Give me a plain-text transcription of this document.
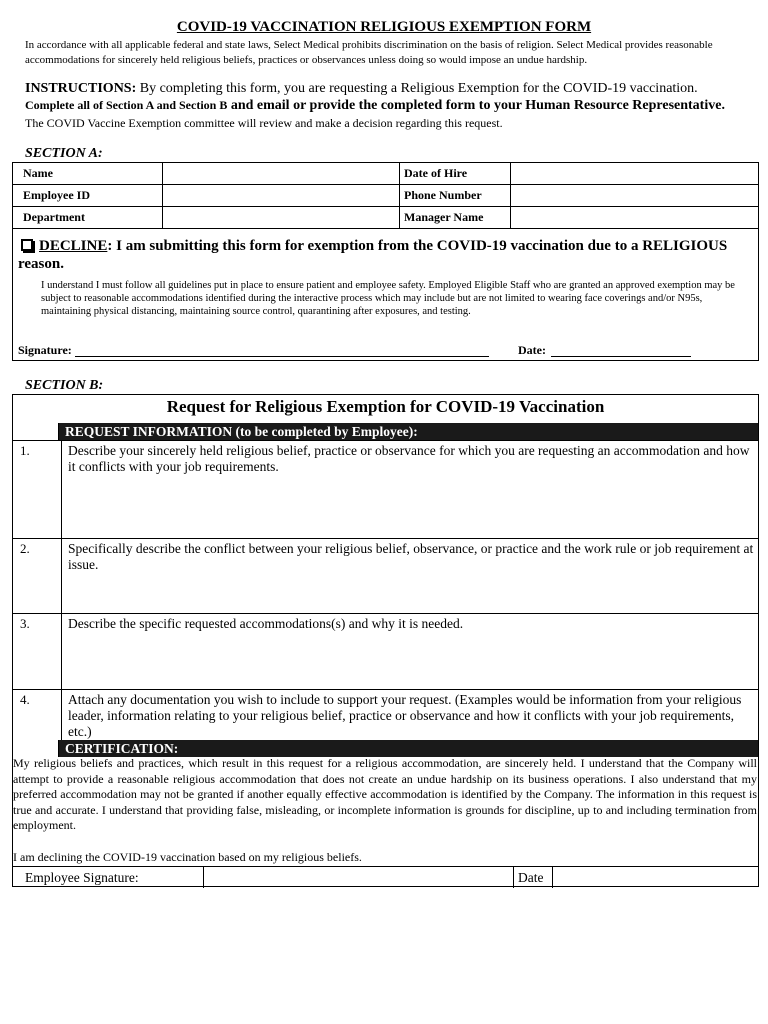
COVID-19 VACCINATION RELIGIOUS EXEMPTION FORM
In accordance with all applicable federal and state laws, Select Medical prohibits discrimination on the basis of religion. Select Medical provides reasonable accommodations for sincerely held religious beliefs, practices or observances unless doing so would impose an undue hardship.
INSTRUCTIONS: By completing this form, you are requesting a Religious Exemption for the COVID-19 vaccination.
Complete all of Section A and Section B and email or provide the completed form to your Human Resource Representative.
The COVID Vaccine Exemption committee will review and make a decision regarding this request.
SECTION A:
Name		Date of Hire	
Employee ID		Phone Number	
Department		Manager Name	
DECLINE: I am submitting this form for exemption from the COVID-19 vaccination due to a RELIGIOUS reason.
I understand I must follow all guidelines put in place to ensure patient and employee safety. Employed Eligible Staff who are granted an approved exemption may be subject to reasonable accommodations identified during the interactive process which may include but are not limited to wearing face coverings and/or N95s, maintaining physical distancing, maintaining source control, quarantining after exposures, and testing.
Signature:	Date:
SECTION B:
Request for Religious Exemption for COVID-19 Vaccination
REQUEST INFORMATION (to be completed by Employee):
1.	Describe your sincerely held religious belief, practice or observance for which you are requesting an accommodation and how it conflicts with your job requirements.
2.	Specifically describe the conflict between your religious belief, observance, or practice and the work rule or job requirement at issue.
3.	Describe the specific requested accommodations(s) and why it is needed.
4.	Attach any documentation you wish to include to support your request. (Examples would be information from your religious leader, information relating to your religious belief, practice or observance and how it conflicts with your job requirements, etc.)
CERTIFICATION:
My religious beliefs and practices, which result in this request for a religious accommodation, are sincerely held. I understand that the Company will attempt to provide a reasonable religious accommodation that does not create an undue hardship on its business operations. I also understand that my preferred accommodation may not be granted if another equally effective accommodation is identified by the Company. The information in this request is true and accurate. I understand that providing false, misleading, or incomplete information is grounds for discipline, up to and including termination from employment.
I am declining the COVID-19 vaccination based on my religious beliefs.
Employee Signature:	Date
